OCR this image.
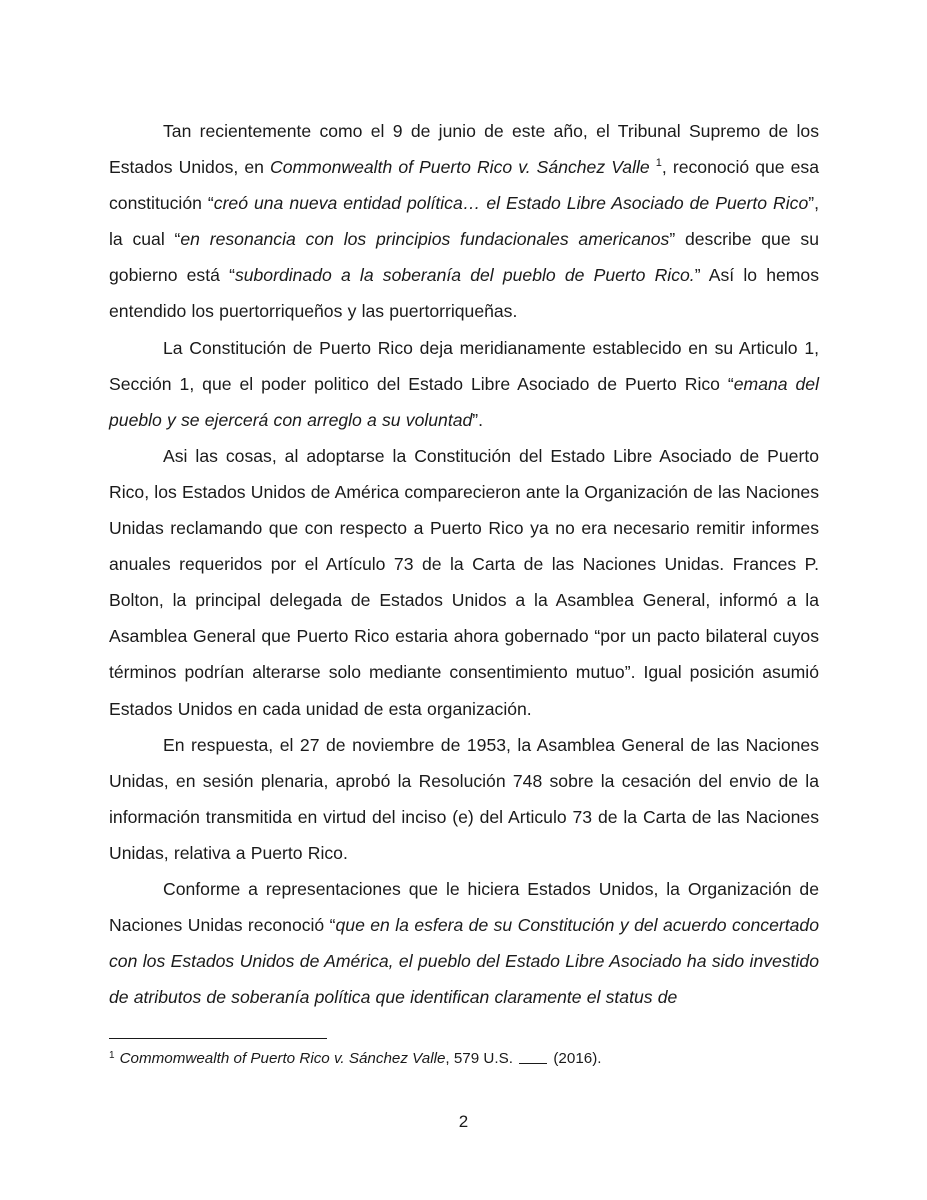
Tan recientemente como el 9 de junio de este año, el Tribunal Supremo de los Estados Unidos, en Commonwealth of Puerto Rico v. Sánchez Valle $^1$, reconoció que esa constitución “creó una nueva entidad política… el Estado Libre Asociado de Puerto Rico”, la cual “en resonancia con los principios fundacionales americanos” describe que su gobierno está “subordinado a la soberanía del pueblo de Puerto Rico.” Así lo hemos entendido los puertorriqueños y las puertorriqueñas.

La Constitución de Puerto Rico deja meridianamente establecido en su Articulo 1, Sección 1, que el poder politico del Estado Libre Asociado de Puerto Rico “emana del pueblo y se ejercerá con arreglo a su voluntad”.

Asi las cosas, al adoptarse la Constitución del Estado Libre Asociado de Puerto Rico, los Estados Unidos de América comparecieron ante la Organización de las Naciones Unidas reclamando que con respecto a Puerto Rico ya no era necesario remitir informes anuales requeridos por el Artículo 73 de la Carta de las Naciones Unidas. Frances P. Bolton, la principal delegada de Estados Unidos a la Asamblea General, informó a la Asamblea General que Puerto Rico estaria ahora gobernado “por un pacto bilateral cuyos términos podrían alterarse solo mediante consentimiento mutuo”. Igual posición asumió Estados Unidos en cada unidad de esta organización.

En respuesta, el 27 de noviembre de 1953, la Asamblea General de las Naciones Unidas, en sesión plenaria, aprobó la Resolución 748 sobre la cesación del envio de la información transmitida en virtud del inciso (e) del Articulo 73 de la Carta de las Naciones Unidas, relativa a Puerto Rico.

Conforme a representaciones que le hiciera Estados Unidos, la Organización de Naciones Unidas reconoció “que en la esfera de su Constitución y del acuerdo concertado con los Estados Unidos de América, el pueblo del Estado Libre Asociado ha sido investido de atributos de soberanía política que identifican claramente el status de

$^1$ Commomwealth of Puerto Rico v. Sánchez Valle, 579 U.S.  (2016).
2
